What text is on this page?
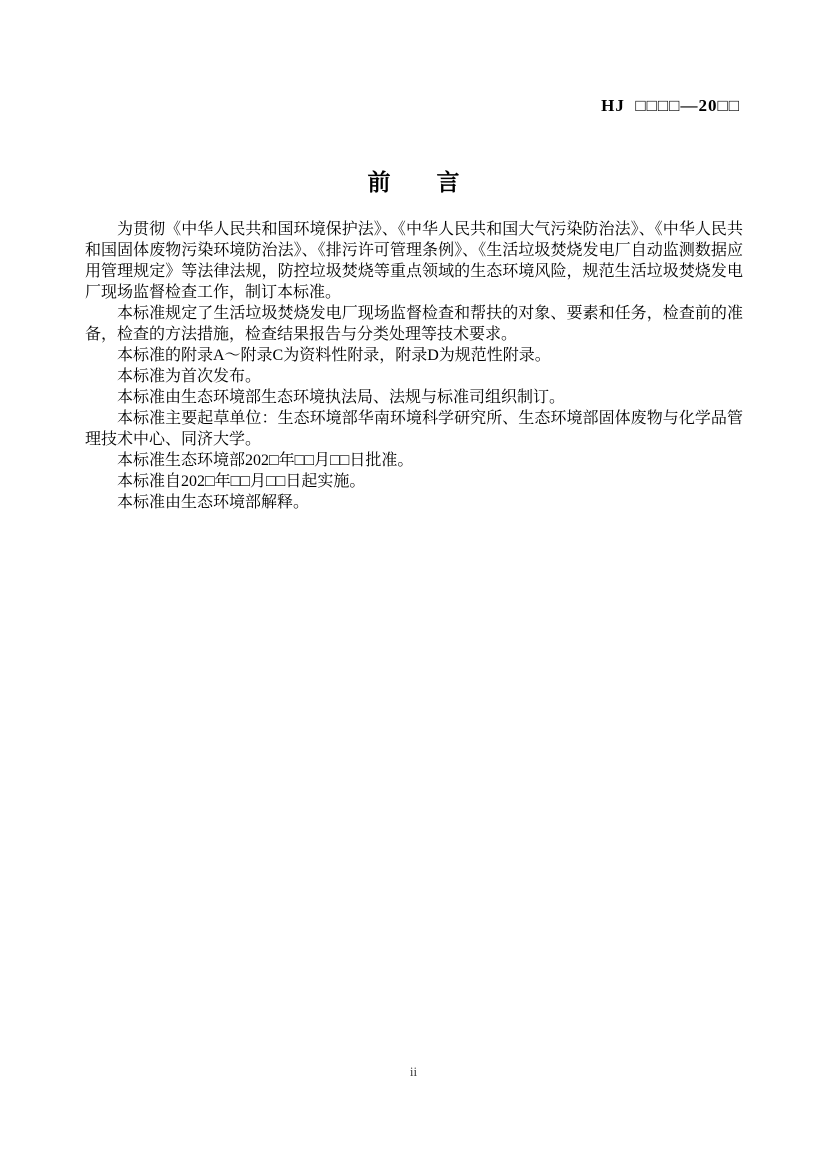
HJ  □□□□—20□□
前　　言

为贯彻《中华人民共和国环境保护法》、《中华人民共和国大气污染防治法》、《中华人民共和国固体废物污染环境防治法》、《排污许可管理条例》、《生活垃圾焚烧发电厂自动监测数据应用管理规定》等法律法规，防控垃圾焚烧等重点领域的生态环境风险，规范生活垃圾焚烧发电厂现场监督检查工作，制订本标准。

本标准规定了生活垃圾焚烧发电厂现场监督检查和帮扶的对象、要素和任务，检查前的准备，检查的方法措施，检查结果报告与分类处理等技术要求。

本标准的附录A～附录C为资料性附录，附录D为规范性附录。

本标准为首次发布。

本标准由生态环境部生态环境执法局、法规与标准司组织制订。

本标准主要起草单位：生态环境部华南环境科学研究所、生态环境部固体废物与化学品管理技术中心、同济大学。

本标准生态环境部202□年□□月□□日批准。

本标准自202□年□□月□□日起实施。

本标准由生态环境部解释。

ii
